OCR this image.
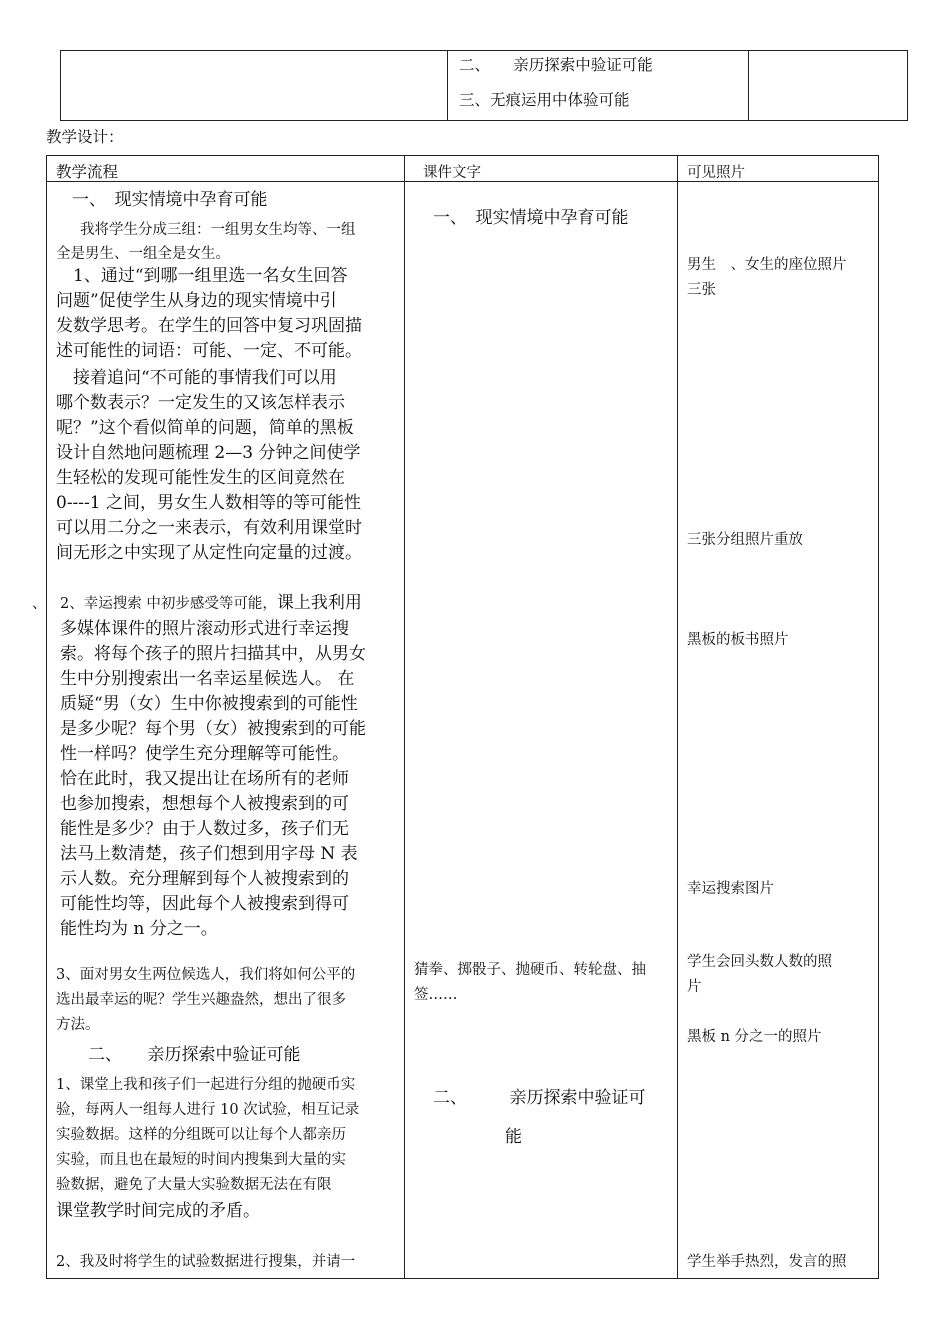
二、　　亲历探索中验证可能
三、无痕运用中体验可能
教学设计：
教学流程	课件文字	可见照片
一、　现实情境中孕育可能
我将学生分成三组：一组男女生均等、一组
全是男生、一组全是女生。
　1、通过“到哪一组里选一名女生回答
问题”促使学生从身边的现实情境中引
发数学思考。在学生的回答中复习巩固描
述可能性的词语：可能、一定、不可能。
　接着追问“不可能的事情我们可以用
哪个数表示？一定发生的又该怎样表示
呢？”这个看似简单的问题，简单的黑板
设计自然地问题梳理 2—3 分钟之间使学
生轻松的发现可能性发生的区间竟然在
0----1 之间，男女生人数相等的等可能性
可以用二分之一来表示，有效利用课堂时
间无形之中实现了从定性向定量的过渡。
、 2、幸运搜索 中初步感受等可能，课上我利用
多媒体课件的照片滚动形式进行幸运搜
索。将每个孩子的照片扫描其中，从男女
生中分别搜索出一名幸运星候选人。 在
质疑“男（女）生中你被搜索到的可能性
是多少呢？每个男（女）被搜索到的可能
性一样吗？使学生充分理解等可能性。
恰在此时，我又提出让在场所有的老师
也参加搜索，想想每个人被搜索到的可
能性是多少？由于人数过多，孩子们无
法马上数清楚，孩子们想到用字母 N 表
示人数。充分理解到每个人被搜索到的
可能性均等，因此每个人被搜索到得可
能性均为 n 分之一。
3、面对男女生两位候选人，我们将如何公平的
选出最幸运的呢？学生兴趣盎然，想出了很多
方法。
二、　　亲历探索中验证可能
1、课堂上我和孩子们一起进行分组的抛硬币实
验，每两人一组每人进行 10 次试验，相互记录
实验数据。这样的分组既可以让每个人都亲历
实验，而且也在最短的时间内搜集到大量的实
验数据，避免了大量大实验数据无法在有限
课堂教学时间完成的矛盾。
2、我及时将学生的试验数据进行搜集，并请一
一、　现实情境中孕育可能
猜拳、掷骰子、抛硬币、转轮盘、抽
签……
二、　　　亲历探索中验证可
能
男生　、女生的座位照片
三张
三张分组照片重放
黑板的板书照片
幸运搜索图片
学生会回头数人数的照
片
黑板 n 分之一的照片
学生举手热烈，发言的照
